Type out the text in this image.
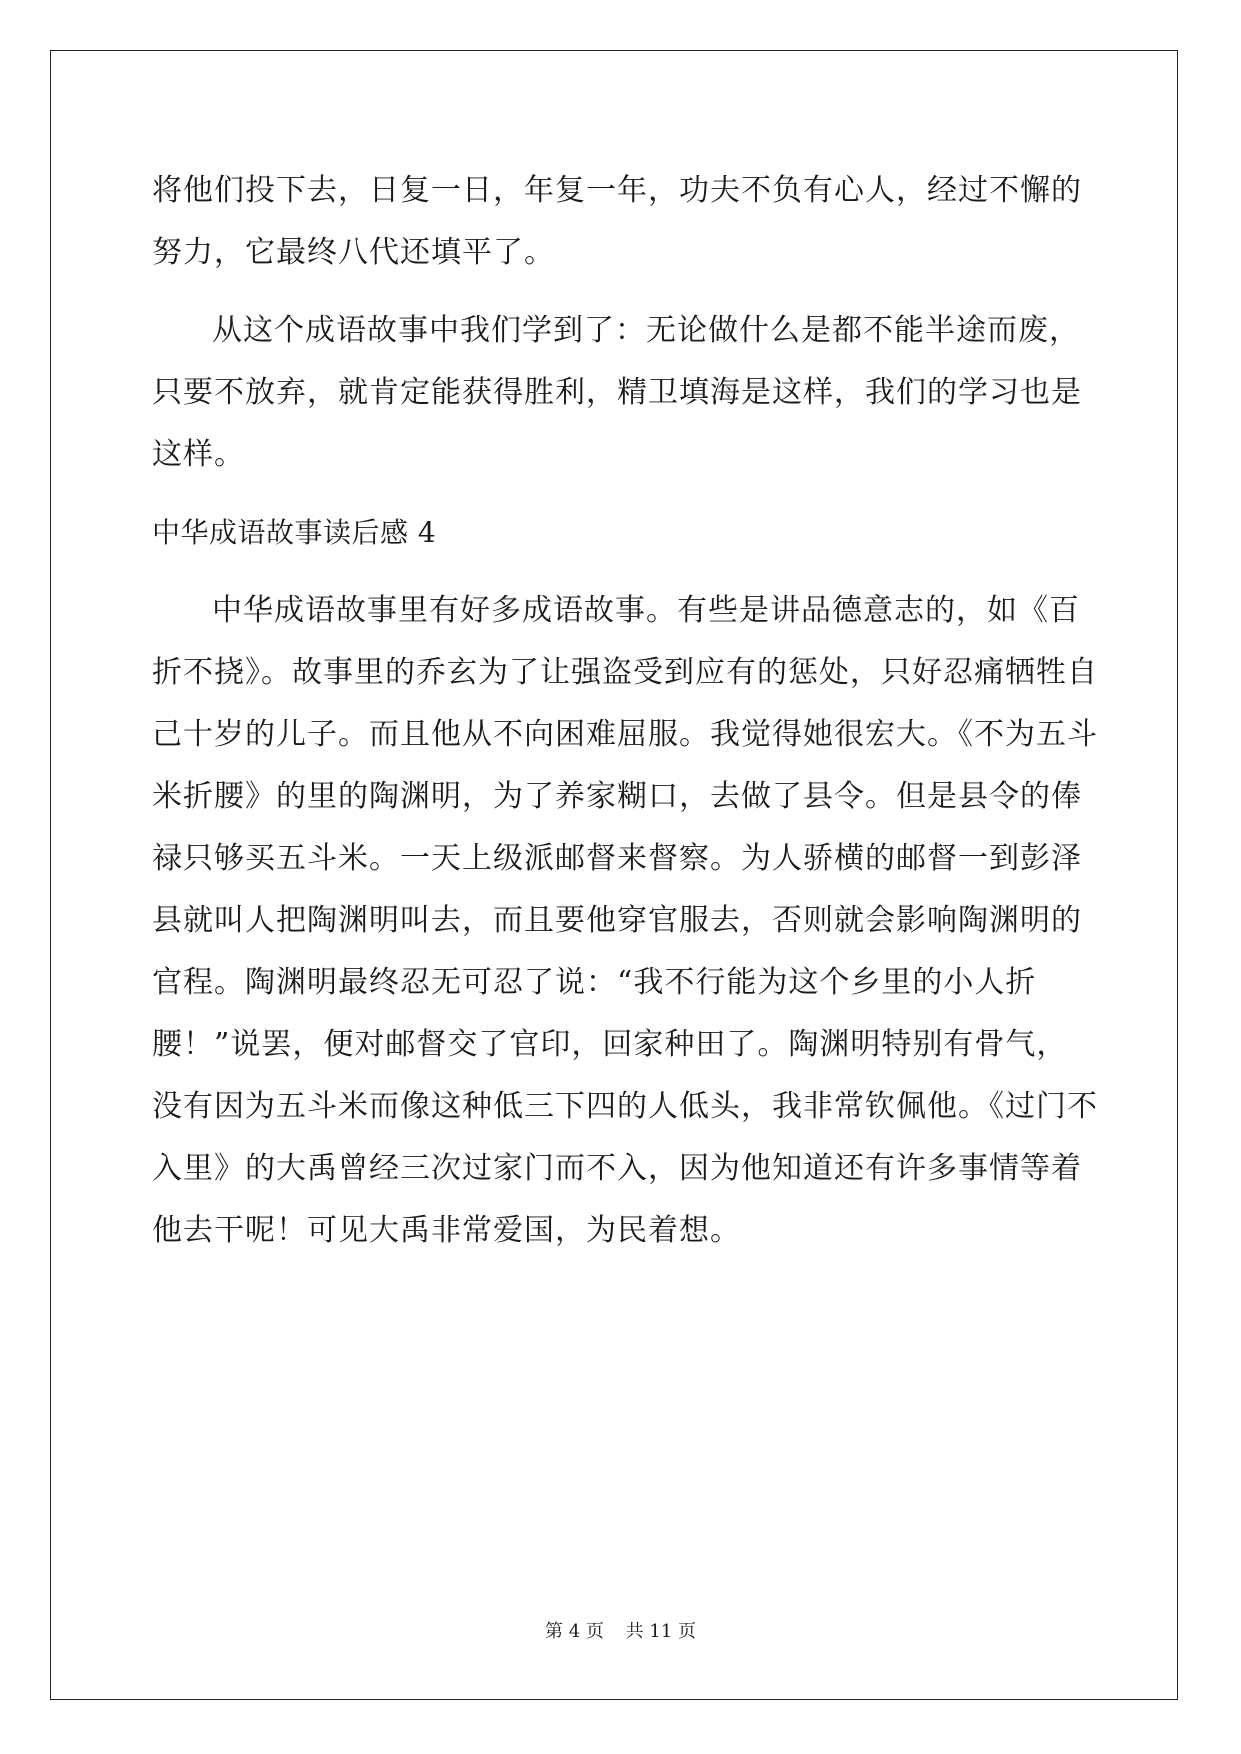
将他们投下去，日复一日，年复一年，功夫不负有心人，经过不懈的
努力，它最终八代还填平了。
从这个成语故事中我们学到了：无论做什么是都不能半途而废，
只要不放弃，就肯定能获得胜利，精卫填海是这样，我们的学习也是
这样。
中华成语故事读后感 4
中华成语故事里有好多成语故事。有些是讲品德意志的，如《百
折不挠》。故事里的乔玄为了让强盗受到应有的惩处，只好忍痛牺牲自
己十岁的儿子。而且他从不向困难屈服。我觉得她很宏大。《不为五斗
米折腰》的里的陶渊明，为了养家糊口，去做了县令。但是县令的俸
禄只够买五斗米。一天上级派邮督来督察。为人骄横的邮督一到彭泽
县就叫人把陶渊明叫去，而且要他穿官服去，否则就会影响陶渊明的
官程。陶渊明最终忍无可忍了说：“我不行能为这个乡里的小人折
腰！”说罢，便对邮督交了官印，回家种田了。陶渊明特别有骨气，
没有因为五斗米而像这种低三下四的人低头，我非常钦佩他。《过门不
入里》的大禹曾经三次过家门而不入，因为他知道还有许多事情等着
他去干呢！可见大禹非常爱国，为民着想。
第 4 页 共 11 页
